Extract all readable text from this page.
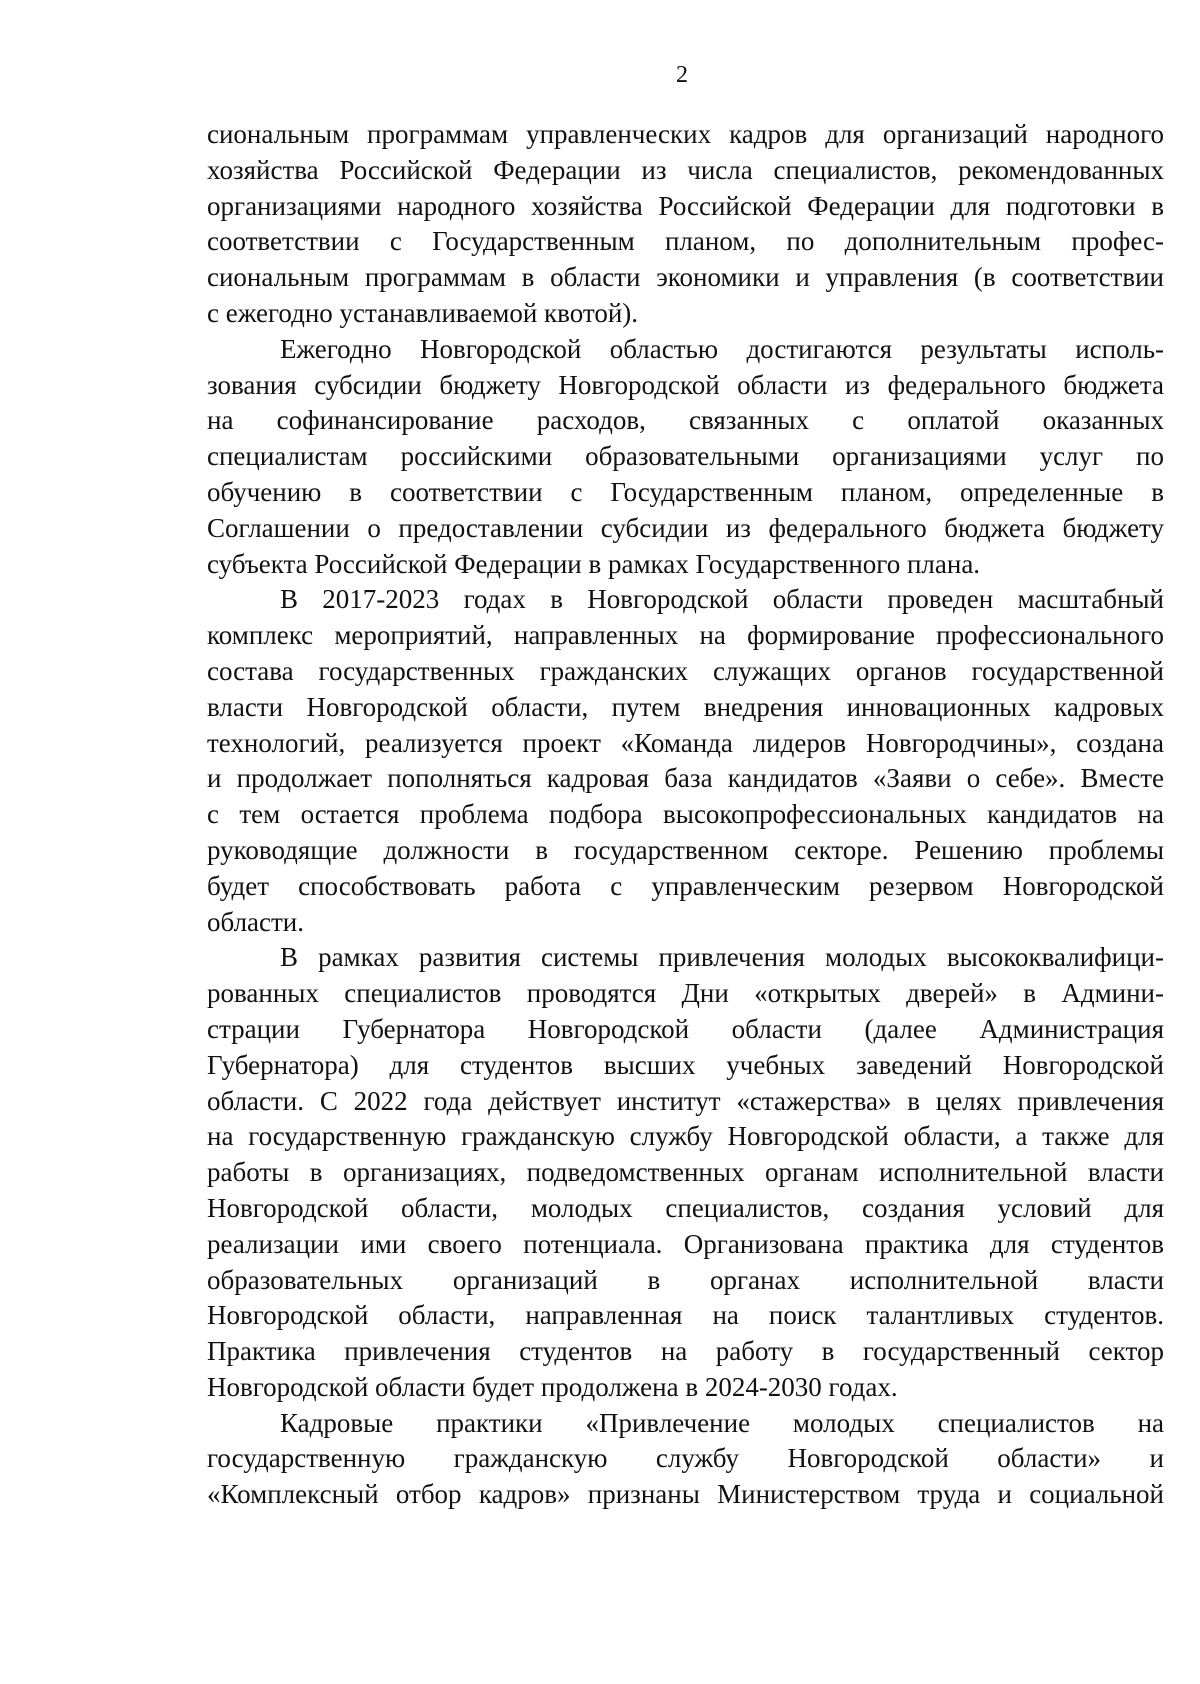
2
сиональным программам управленческих кадров для организаций народного
хозяйства Российской Федерации из числа специалистов, рекомендованных
организациями народного хозяйства Российской Федерации для подготовки в
соответствии с Государственным планом, по дополнительным профес-
сиональным программам в области экономики и управления (в соответствии
с ежегодно устанавливаемой квотой).
Ежегодно Новгородской областью достигаются результаты исполь-
зования субсидии бюджету Новгородской области из федерального бюджета
на софинансирование расходов, связанных с оплатой оказанных
специалистам российскими образовательными организациями услуг по
обучению в соответствии с Государственным планом, определенные в
Соглашении о предоставлении субсидии из федерального бюджета бюджету
субъекта Российской Федерации в рамках Государственного плана.
В 2017-2023 годах в Новгородской области проведен масштабный
комплекс мероприятий, направленных на формирование профессионального
состава государственных гражданских служащих органов государственной
власти Новгородской области, путем внедрения инновационных кадровых
технологий, реализуется проект «Команда лидеров Новгородчины», создана
и продолжает пополняться кадровая база кандидатов «Заяви о себе». Вместе
с тем остается проблема подбора высокопрофессиональных кандидатов на
руководящие должности в государственном секторе. Решению проблемы
будет способствовать работа с управленческим резервом Новгородской
области.
В рамках развития системы привлечения молодых высококвалифици-
рованных специалистов проводятся Дни «открытых дверей» в Админи-
страции Губернатора Новгородской области (далее Администрация
Губернатора) для студентов высших учебных заведений Новгородской
области. С 2022 года действует институт «стажерства» в целях привлечения
на государственную гражданскую службу Новгородской области, а также для
работы в организациях, подведомственных органам исполнительной власти
Новгородской области, молодых специалистов, создания условий для
реализации ими своего потенциала. Организована практика для студентов
образовательных организаций в органах исполнительной власти
Новгородской области, направленная на поиск талантливых студентов.
Практика привлечения студентов на работу в государственный сектор
Новгородской области будет продолжена в 2024-2030 годах.
Кадровые практики «Привлечение молодых специалистов на
государственную гражданскую службу Новгородской области» и
«Комплексный отбор кадров» признаны Министерством труда и социальной
